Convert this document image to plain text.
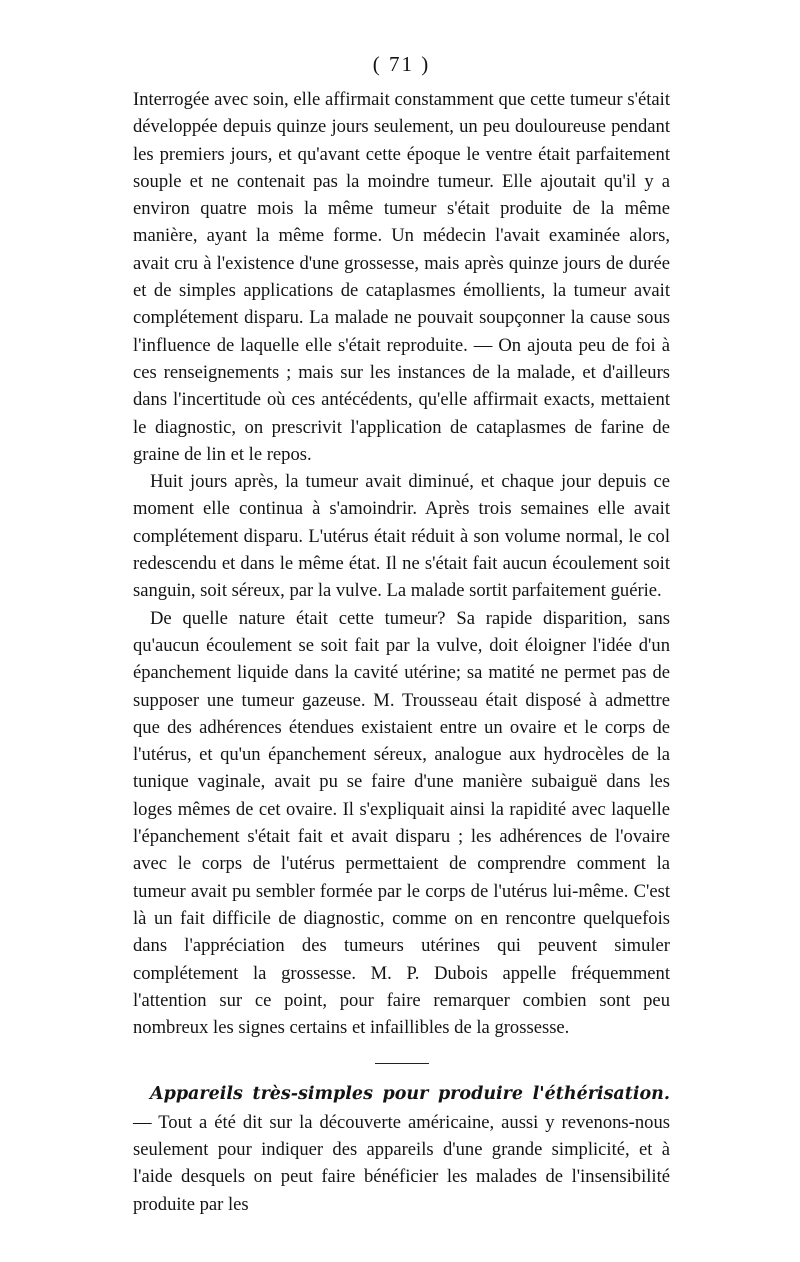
( 71 )

Interrogée avec soin, elle affirmait constamment que cette tumeur s'était développée depuis quinze jours seulement, un peu douloureuse pendant les premiers jours, et qu'avant cette époque le ventre était parfaitement souple et ne contenait pas la moindre tumeur. Elle ajoutait qu'il y a environ quatre mois la même tumeur s'était produite de la même manière, ayant la même forme. Un médecin l'avait examinée alors, avait cru à l'existence d'une grossesse, mais après quinze jours de durée et de simples applications de cataplasmes émollients, la tumeur avait complétement disparu. La malade ne pouvait soupçonner la cause sous l'influence de laquelle elle s'était reproduite. — On ajouta peu de foi à ces renseignements ; mais sur les instances de la malade, et d'ailleurs dans l'incertitude où ces antécédents, qu'elle affirmait exacts, mettaient le diagnostic, on prescrivit l'application de cataplasmes de farine de graine de lin et le repos.

Huit jours après, la tumeur avait diminué, et chaque jour depuis ce moment elle continua à s'amoindrir. Après trois semaines elle avait complétement disparu. L'utérus était réduit à son volume normal, le col redescendu et dans le même état. Il ne s'était fait aucun écoulement soit sanguin, soit séreux, par la vulve. La malade sortit parfaitement guérie.

De quelle nature était cette tumeur? Sa rapide disparition, sans qu'aucun écoulement se soit fait par la vulve, doit éloigner l'idée d'un épanchement liquide dans la cavité utérine; sa matité ne permet pas de supposer une tumeur gazeuse. M. Trousseau était disposé à admettre que des adhérences étendues existaient entre un ovaire et le corps de l'utérus, et qu'un épanchement séreux, analogue aux hydrocèles de la tunique vaginale, avait pu se faire d'une manière subaiguë dans les loges mêmes de cet ovaire. Il s'expliquait ainsi la rapidité avec laquelle l'épanchement s'était fait et avait disparu ; les adhérences de l'ovaire avec le corps de l'utérus permettaient de comprendre comment la tumeur avait pu sembler formée par le corps de l'utérus lui-même. C'est là un fait difficile de diagnostic, comme on en rencontre quelquefois dans l'appréciation des tumeurs utérines qui peuvent simuler complétement la grossesse. M. P. Dubois appelle fréquemment l'attention sur ce point, pour faire remarquer combien sont peu nombreux les signes certains et infaillibles de la grossesse.

Appareils très-simples pour produire l'éthérisation. — Tout a été dit sur la découverte américaine, aussi y revenons-nous seulement pour indiquer des appareils d'une grande simplicité, et à l'aide desquels on peut faire bénéficier les malades de l'insensibilité produite par les
